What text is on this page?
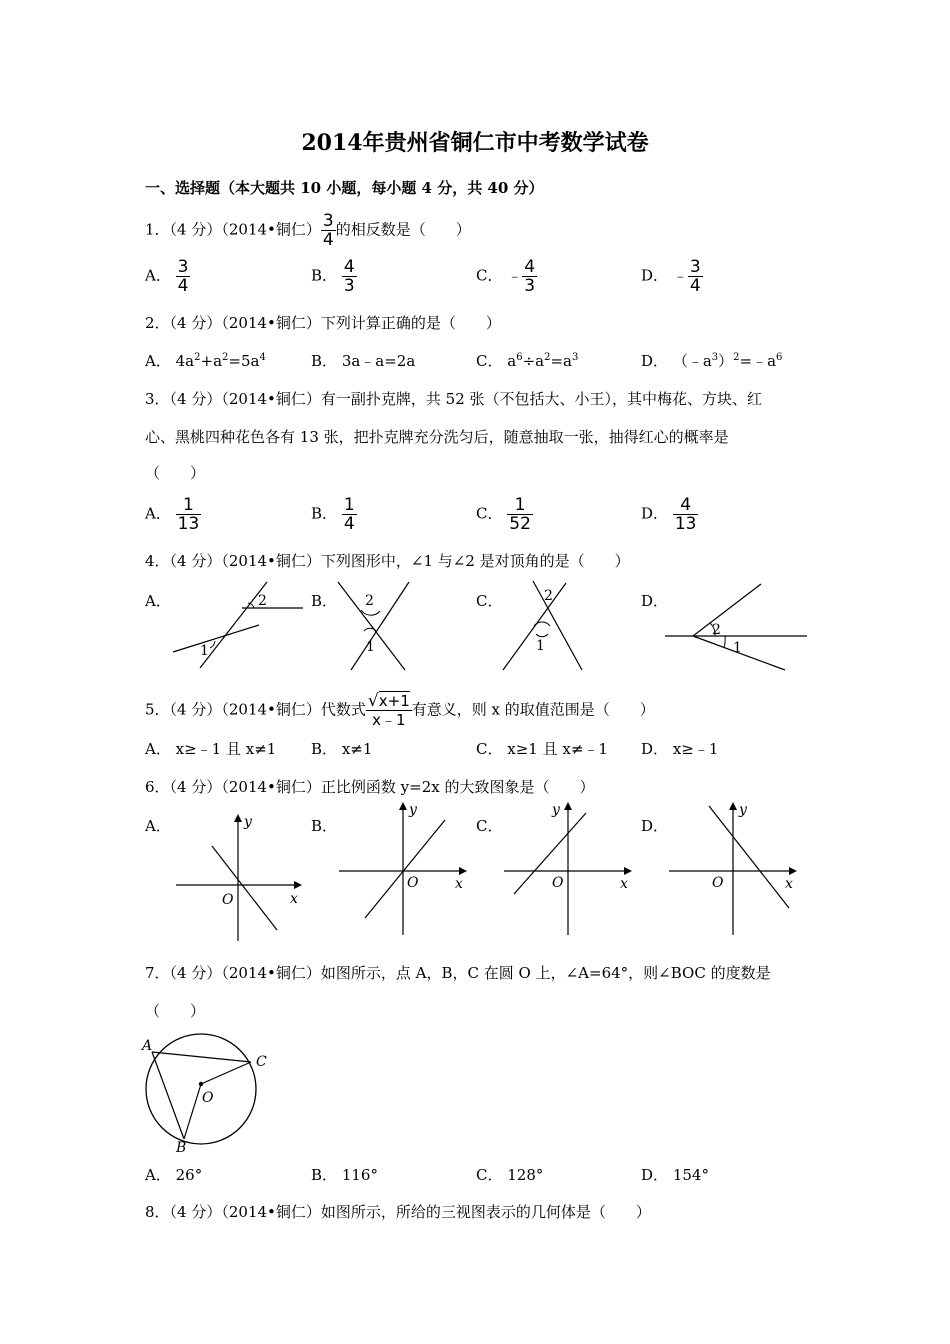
2014年贵州省铜仁市中考数学试卷
一、选择题（本大题共 10 小题，每小题 4 分，共 40 分）
1．（4 分）（2014•铜仁） $\frac{3}{4}$ 的相反数是（　　）
A． $\frac{3}{4}$	B． $\frac{4}{3}$	C． ﹣ $\frac{4}{3}$	D． ﹣ $\frac{3}{4}$
2．（4 分）（2014•铜仁）下列计算正确的是（　　）
A． $4a^2+a^2=5a^4$	B． 3a﹣a=2a	C． $a^6\div a^2=a^3$	D． $(﹣a^3)^2=﹣a^6$
3．（4 分）（2014•铜仁）有一副扑克牌，共 52 张（不包括大、小王），其中梅花、方块、红
心、黑桃四种花色各有 13 张，把扑克牌充分洗匀后，随意抽取一张，抽得红心的概率是
（　　）
A． $\frac{1}{13}$	B． $\frac{1}{4}$	C． $\frac{1}{52}$	D． $\frac{4}{13}$
4．（4 分）（2014•铜仁）下列图形中，∠1 与∠2 是对顶角的是（　　）
A．	B．	C．	D．
2
1
2
1
2
1
2
1
5．（4 分）（2014•铜仁）代数式 $\frac{√x+1}{x﹣1}$ 有意义，则 x 的取值范围是（　　）
A． x≥﹣1 且 x≠1 B． x≠1	C． x≥1 且 x≠﹣1 D． x≥﹣1
6．（4 分）（2014•铜仁）正比例函数 y=2x 的大致图象是（　　）
A．	B．	C．	D．
y
x
O
y
x
O
y
x
O
y
x
O
7．（4 分）（2014•铜仁）如图所示，点 A，B，C 在圆 O 上，∠A=64°，则∠BOC 的度数是
（　　）
A
C
B
O
A． 26°	B． 116°	C． 128°	D． 154°
8．（4 分）（2014•铜仁）如图所示，所给的三视图表示的几何体是（　　）
